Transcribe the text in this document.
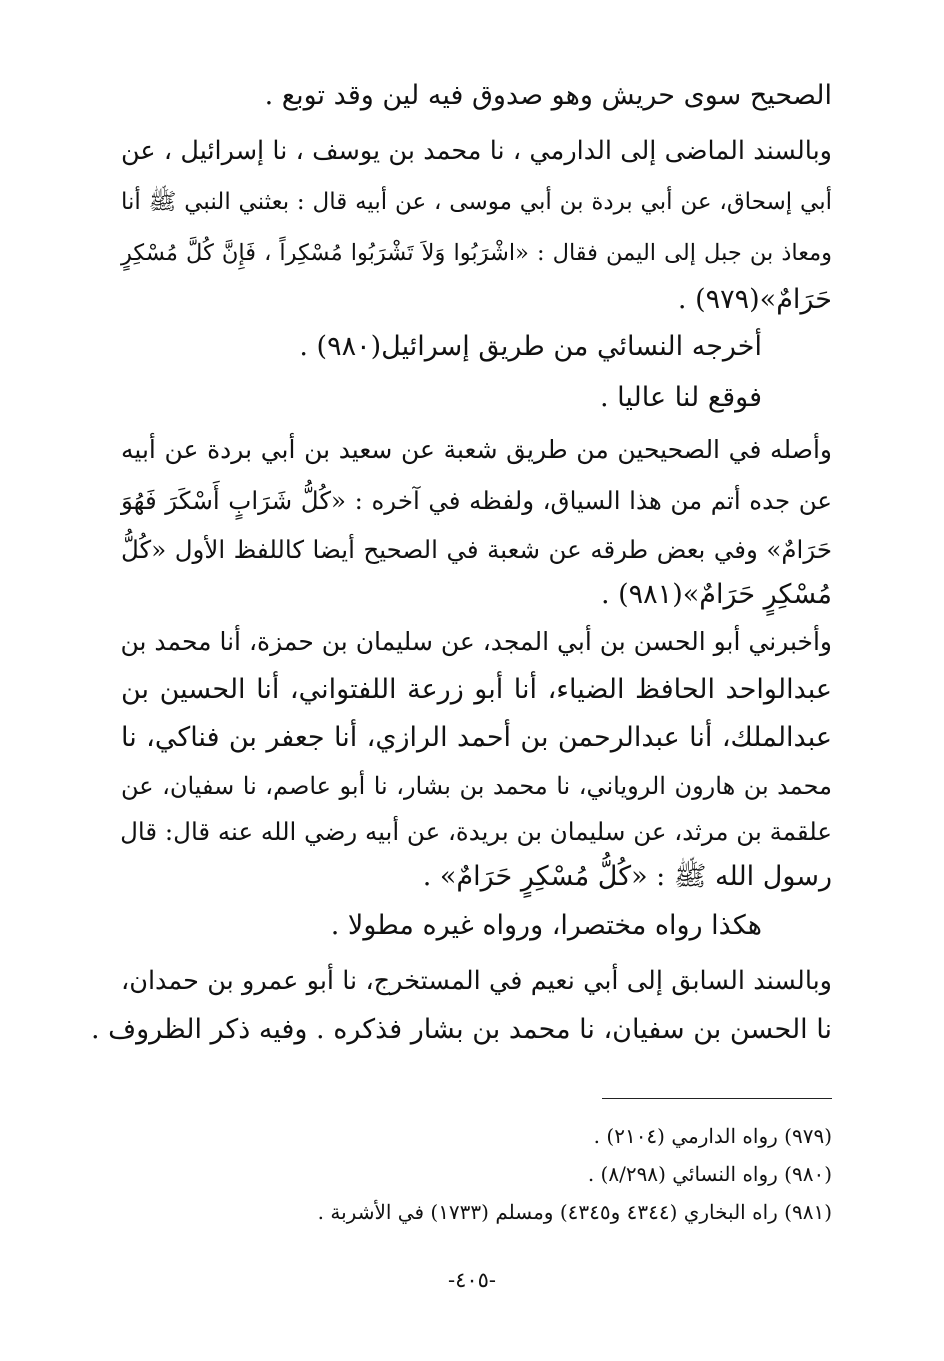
الصحيح سوى حريش وهو صدوق فيه لين وقد توبع .
وبالسند الماضى إلى الدارمي ، نا محمد بن يوسف ، نا إسرائيل ، عن
أبي إسحاق، عن أبي بردة بن أبي موسى ، عن أبيه قال : بعثني النبي ﷺ أنا
ومعاذ بن جبل إلى اليمن فقال : «اشْرَبُوا وَلاَ تَشْرَبُوا مُسْكِراً ، فَإِنَّ كُلَّ مُسْكِرٍ
حَرَامٌ»(٩٧٩) .
أخرجه النسائي من طريق إسرائيل(٩٨٠) .
فوقع لنا عاليا .
وأصله في الصحيحين من طريق شعبة عن سعيد بن أبي بردة عن أبيه
عن جده أتم من هذا السياق، ولفظه في آخره : «كُلُّ شَرَابٍ أَسْكَرَ فَهُوَ
حَرَامٌ» وفي بعض طرقه عن شعبة في الصحيح أيضا كاللفظ الأول «كُلُّ
مُسْكِرٍ حَرَامٌ»(٩٨١) .
وأخبرني أبو الحسن بن أبي المجد، عن سليمان بن حمزة، أنا محمد بن
عبدالواحد الحافظ الضياء، أنا أبو زرعة اللفتواني، أنا الحسين بن
عبدالملك، أنا عبدالرحمن بن أحمد الرازي، أنا جعفر بن فناكي، نا
محمد بن هارون الروياني، نا محمد بن بشار، نا أبو عاصم، نا سفيان، عن
علقمة بن مرثد، عن سليمان بن بريدة، عن أبيه رضي الله عنه قال: قال
رسول الله ﷺ : «كُلُّ مُسْكِرٍ حَرَامٌ» .
هكذا رواه مختصرا، ورواه غيره مطولا .
وبالسند السابق إلى أبي نعيم في المستخرج، نا أبو عمرو بن حمدان،
نا الحسن بن سفيان، نا محمد بن بشار فذكره . وفيه ذكر الظروف .
(٩٧٩) رواه الدارمي (٢١٠٤) .
(٩٨٠) رواه النسائي (٨/٢٩٨) .
(٩٨١) راه البخاري (٤٣٤٤ و٤٣٤٥) ومسلم (١٧٣٣) في الأشربة .
-٤٠٥-
